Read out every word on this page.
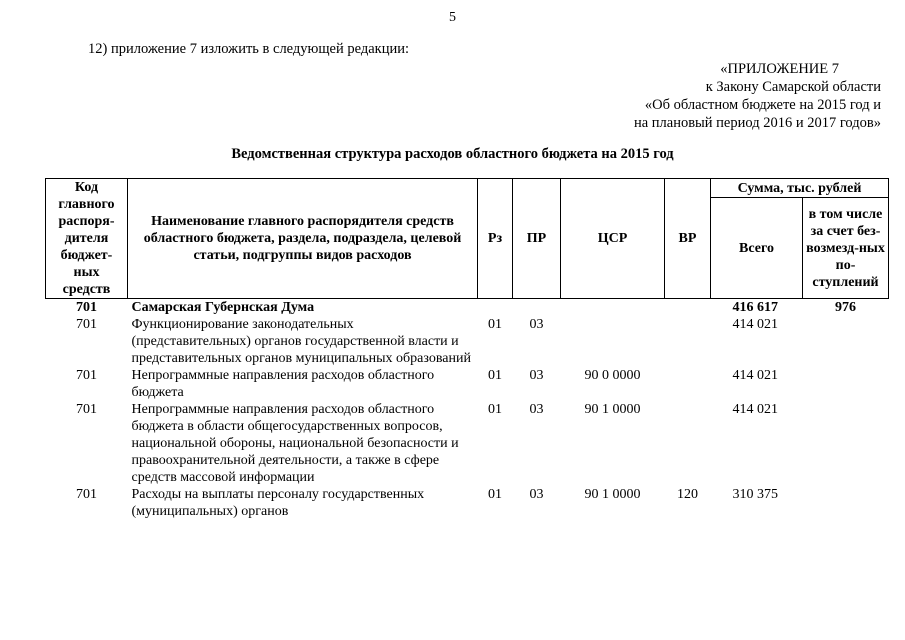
5
12) приложение 7 изложить в следующей редакции:
«ПРИЛОЖЕНИЕ 7
к Закону Самарской области
«Об областном бюджете на 2015 год и
на плановый период 2016 и 2017 годов»
Ведомственная структура расходов областного бюджета на 2015 год
Код главного распоря-дителя бюджет-ных средств	Наименование главного распорядителя средств областного бюджета, раздела, подраздела, целевой статьи, подгруппы видов расходов	Рз	ПР	ЦСР	ВР	Сумма, тыс. рублей	
						Всего	в том числе за счет без-возмезд-ных по-ступлений
701	Самарская Губернская Дума					416 617	976
701	Функционирование законодательных (представительных) органов государственной власти и представительных органов муниципальных образований	01	03			414 021	
701	Непрограммные направления расходов областного бюджета	01	03	90 0 0000		414 021	
701	Непрограммные направления расходов областного бюджета в области общегосударственных вопросов, национальной обороны, национальной безопасности и правоохранительной деятельности, а также в сфере средств массовой информации	01	03	90 1 0000		414 021	
701	Расходы на выплаты персоналу государственных (муниципальных) органов	01	03	90 1 0000	120	310 375	
